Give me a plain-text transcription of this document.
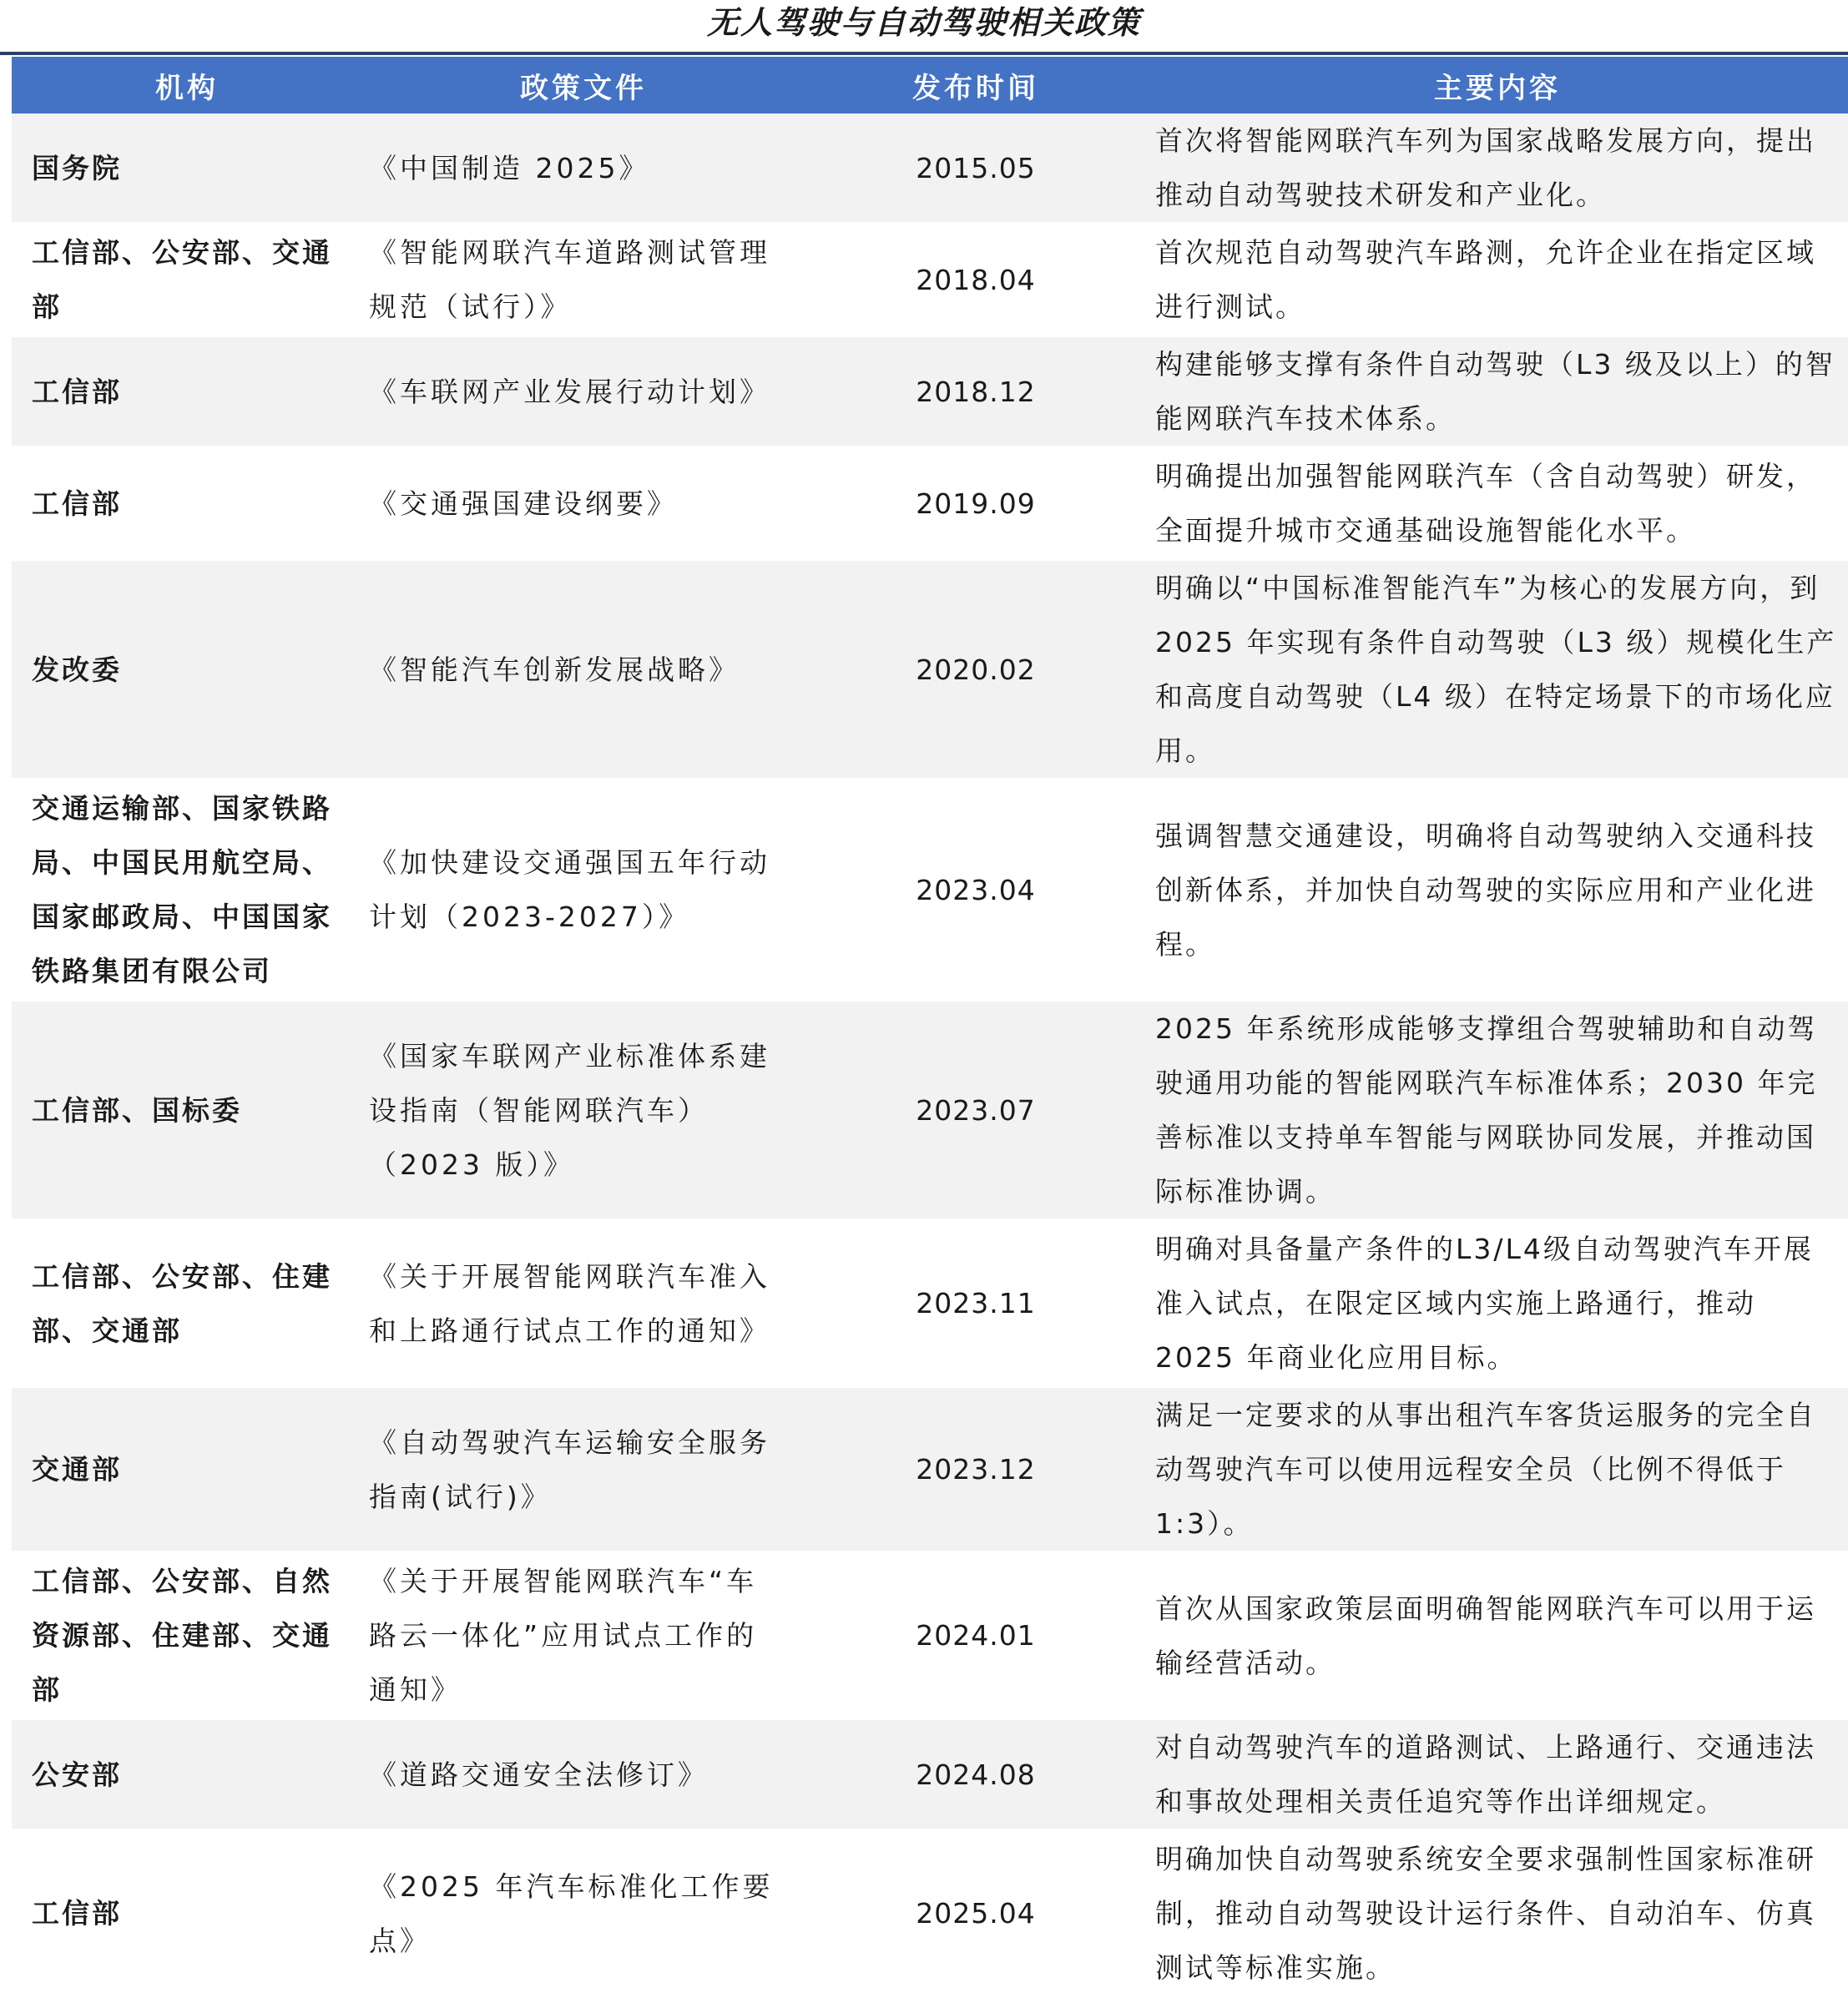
无人驾驶与自动驾驶相关政策
机构	政策文件	发布时间	主要内容
国务院	《中国制造 2025》	2015.05	首次将智能网联汽车列为国家战略发展方向，提出推动自动驾驶技术研发和产业化。
工信部、公安部、交通部	《智能网联汽车道路测试管理规范（试行）》	2018.04	首次规范自动驾驶汽车路测，允许企业在指定区域进行测试。
工信部	《车联网产业发展行动计划》	2018.12	构建能够支撑有条件自动驾驶（L3 级及以上）的智能网联汽车技术体系。
工信部	《交通强国建设纲要》	2019.09	明确提出加强智能网联汽车（含自动驾驶）研发，全面提升城市交通基础设施智能化水平。
发改委	《智能汽车创新发展战略》	2020.02	明确以“中国标准智能汽车”为核心的发展方向，到 2025 年实现有条件自动驾驶（L3 级）规模化生产和高度自动驾驶（L4 级）在特定场景下的市场化应用。
交通运输部、国家铁路局、中国民用航空局、国家邮政局、中国国家铁路集团有限公司	《加快建设交通强国五年行动计划（2023-2027）》	2023.04	强调智慧交通建设，明确将自动驾驶纳入交通科技创新体系，并加快自动驾驶的实际应用和产业化进程。
工信部、国标委	《国家车联网产业标准体系建设指南（智能网联汽车）（2023 版）》	2023.07	2025 年系统形成能够支撑组合驾驶辅助和自动驾驶通用功能的智能网联汽车标准体系；2030 年完善标准以支持单车智能与网联协同发展，并推动国际标准协调。
工信部、公安部、住建部、交通部	《关于开展智能网联汽车准入和上路通行试点工作的通知》	2023.11	明确对具备量产条件的L3/L4级自动驾驶汽车开展准入试点，在限定区域内实施上路通行，推动 2025 年商业化应用目标。
交通部	《自动驾驶汽车运输安全服务指南(试行)》	2023.12	满足一定要求的从事出租汽车客货运服务的完全自动驾驶汽车可以使用远程安全员（比例不得低于 1:3）。
工信部、公安部、自然资源部、住建部、交通部	《关于开展智能网联汽车“车路云一体化”应用试点工作的通知》	2024.01	首次从国家政策层面明确智能网联汽车可以用于运输经营活动。
公安部	《道路交通安全法修订》	2024.08	对自动驾驶汽车的道路测试、上路通行、交通违法和事故处理相关责任追究等作出详细规定。
工信部	《2025 年汽车标准化工作要点》	2025.04	明确加快自动驾驶系统安全要求强制性国家标准研制，推动自动驾驶设计运行条件、自动泊车、仿真测试等标准实施。
